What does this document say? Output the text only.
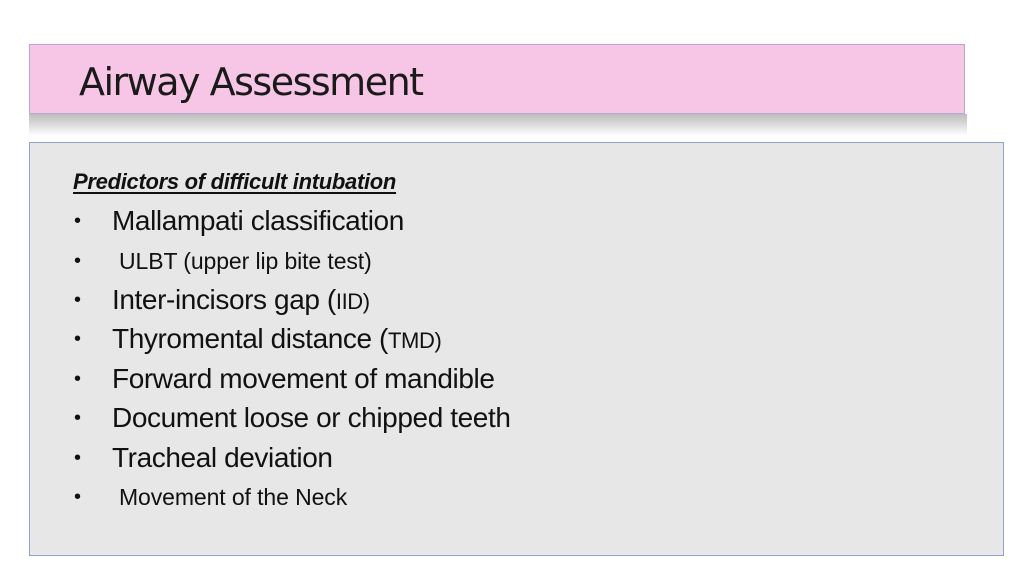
Airway Assessment
Predictors of difficult intubation
• Mallampati classification
• ULBT (upper lip bite test)
• Inter-incisors gap (IID)
• Thyromental distance (TMD)
• Forward movement of mandible
• Document loose or chipped teeth
• Tracheal deviation
• Movement of the Neck
